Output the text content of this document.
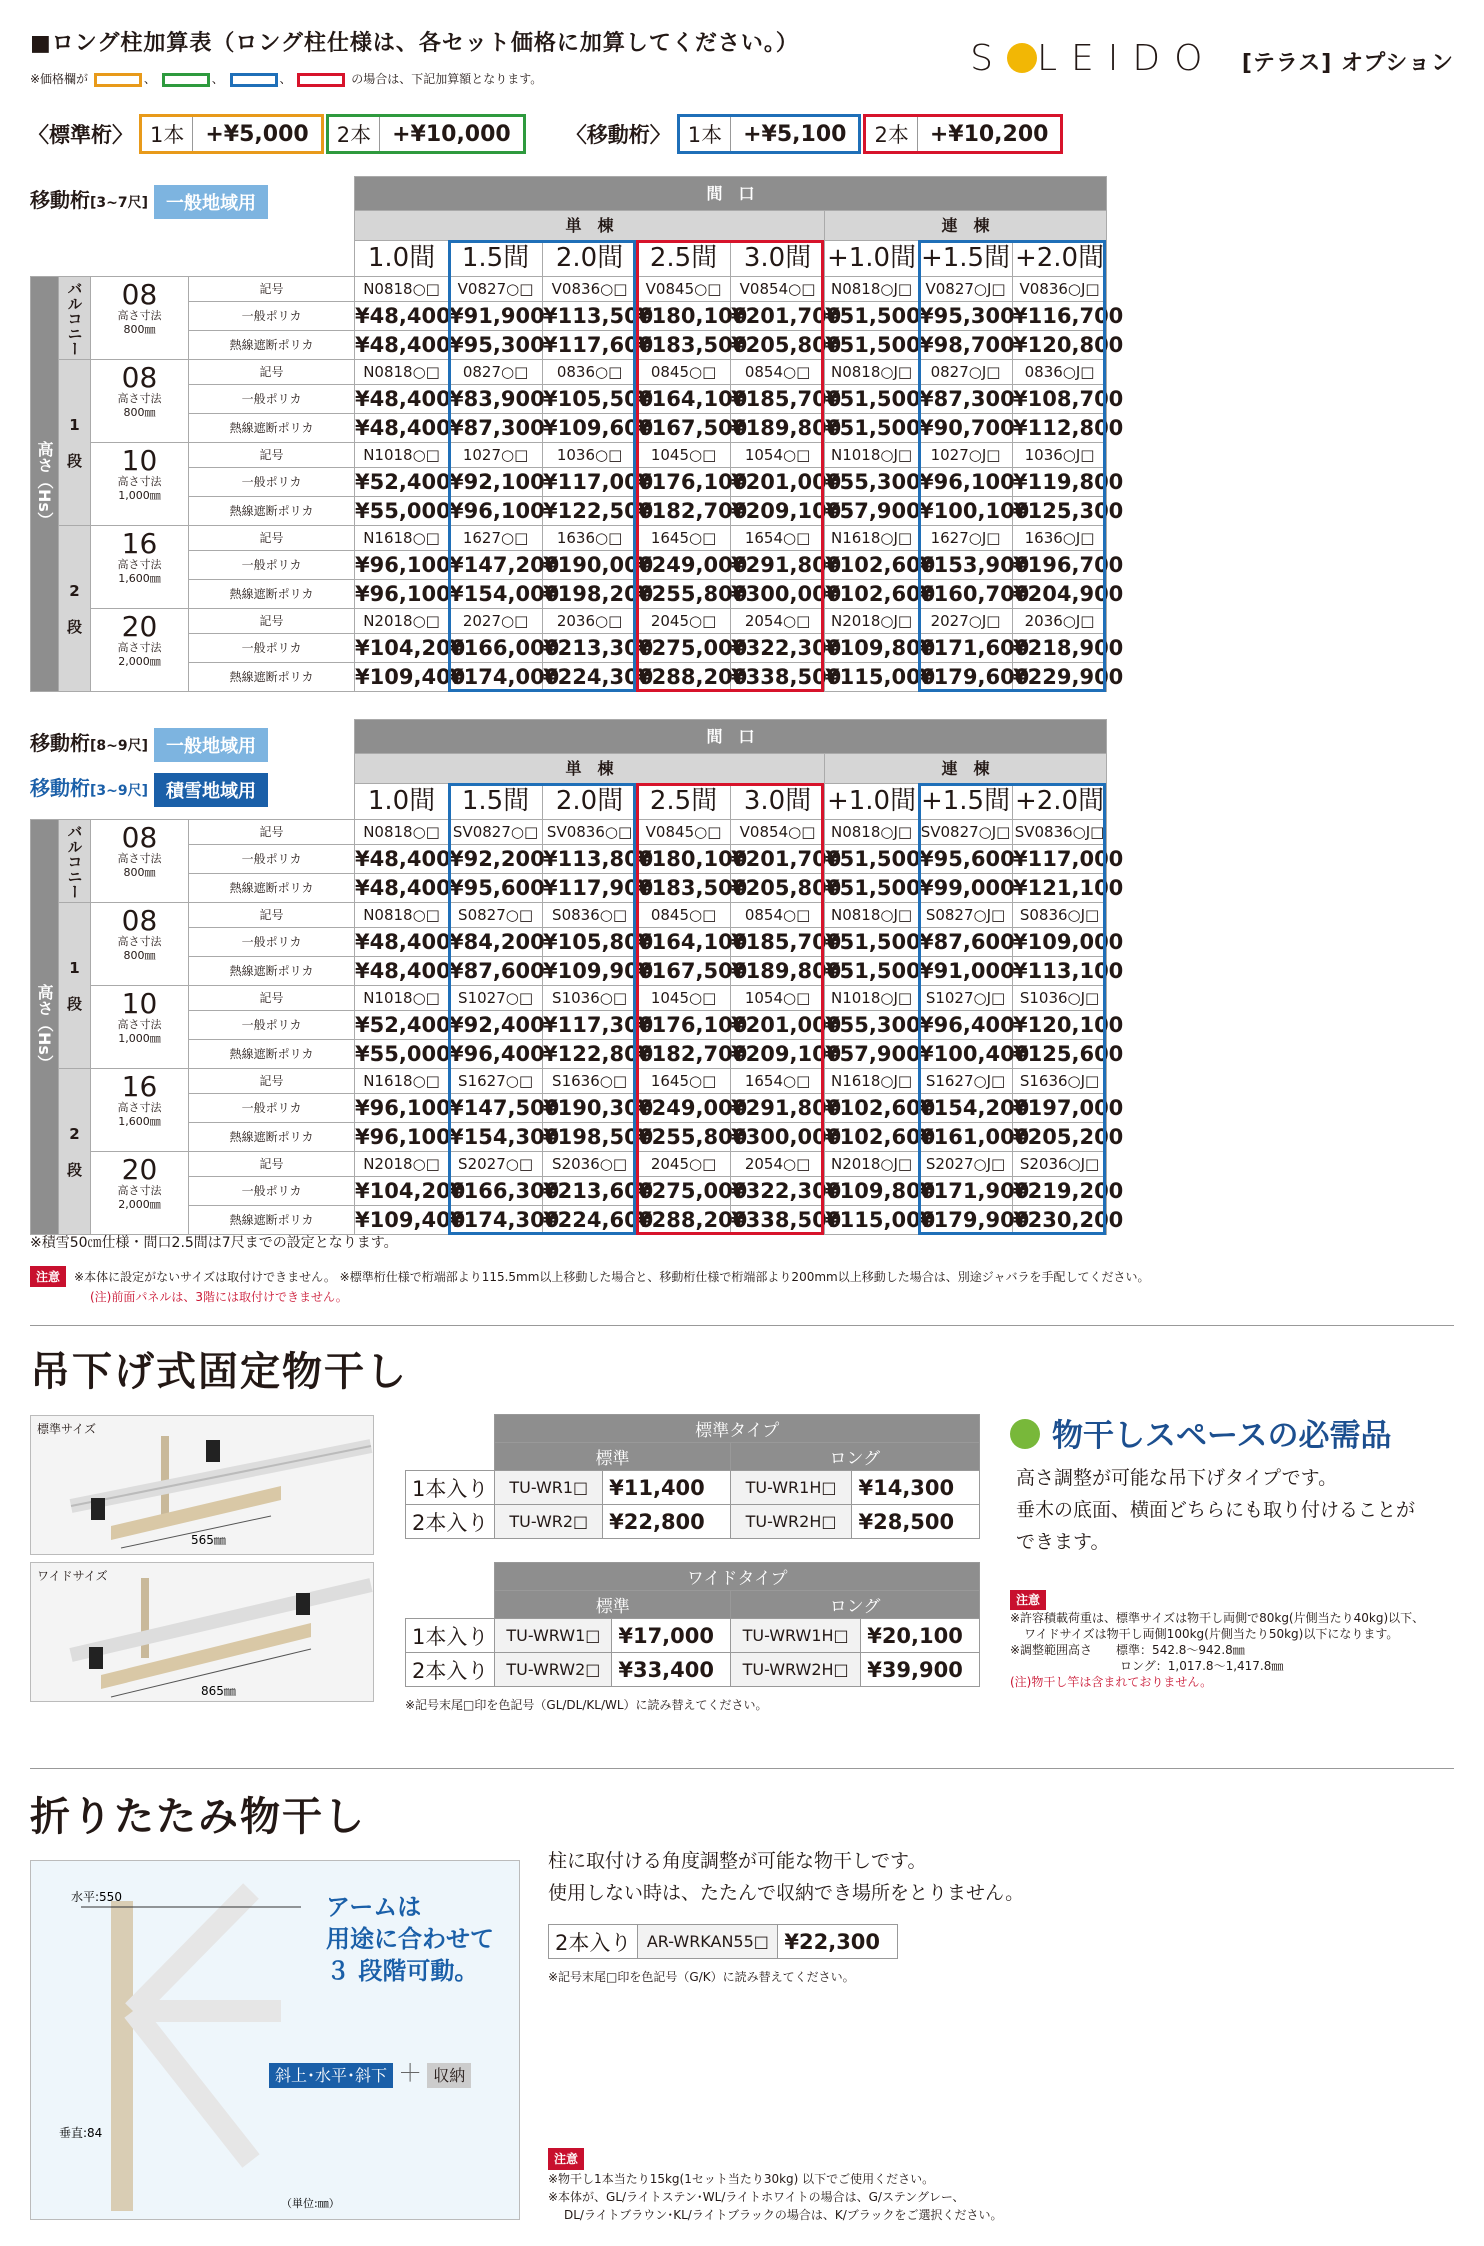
■ロング柱加算表（ロング柱仕様は、各セット価格に加算してください。）
※価格欄が	、	、	、	の場合は、下記加算額となります。	S LEIDO [テラス] オプション
〈標準桁〉 1本 +¥5,000	2本 +¥10,000	〈移動桁〉 1本 +¥5,100	2本 +¥10,200
移動桁[3~7尺] 一般地域用
				間　口							
				単　棟					連　棟		
				1.0間	1.5間	2.0間	2.5間	3.0間	+1.0間	+1.5間	+2.0間
高さ（Hs）	バルコニー	08
高さ寸法
800㎜	記号	N0818○□	V0827○□	V0836○□	V0845○□	V0854○□	N0818○J□	V0827○J□	V0836○J□
			一般ポリカ	¥48,400	¥91,900	¥113,500	¥180,100	¥201,700	¥51,500	¥95,300	¥116,700
			熱線遮断ポリカ	¥48,400	¥95,300	¥117,600	¥183,500	¥205,800	¥51,500	¥98,700	¥120,800
	1

段	08
高さ寸法
800㎜	記号	N0818○□	0827○□	0836○□	0845○□	0854○□	N0818○J□	0827○J□	0836○J□
			一般ポリカ	¥48,400	¥83,900	¥105,500	¥164,100	¥185,700	¥51,500	¥87,300	¥108,700
			熱線遮断ポリカ	¥48,400	¥87,300	¥109,600	¥167,500	¥189,800	¥51,500	¥90,700	¥112,800
		10
高さ寸法
1,000㎜	記号	N1018○□	1027○□	1036○□	1045○□	1054○□	N1018○J□	1027○J□	1036○J□
			一般ポリカ	¥52,400	¥92,100	¥117,000	¥176,100	¥201,000	¥55,300	¥96,100	¥119,800
			熱線遮断ポリカ	¥55,000	¥96,100	¥122,500	¥182,700	¥209,100	¥57,900	¥100,100	¥125,300
	2

段	16
高さ寸法
1,600㎜	記号	N1618○□	1627○□	1636○□	1645○□	1654○□	N1618○J□	1627○J□	1636○J□
			一般ポリカ	¥96,100	¥147,200	¥190,000	¥249,000	¥291,800	¥102,600	¥153,900	¥196,700
			熱線遮断ポリカ	¥96,100	¥154,000	¥198,200	¥255,800	¥300,000	¥102,600	¥160,700	¥204,900
		20
高さ寸法
2,000㎜	記号	N2018○□	2027○□	2036○□	2045○□	2054○□	N2018○J□	2027○J□	2036○J□
			一般ポリカ	¥104,200	¥166,000	¥213,300	¥275,000	¥322,300	¥109,800	¥171,600	¥218,900
			熱線遮断ポリカ	¥109,400	¥174,000	¥224,300	¥288,200	¥338,500	¥115,000	¥179,600	¥229,900
移動桁[8~9尺] 一般地域用
移動桁[3~9尺] 積雪地域用
				間　口							
				単　棟					連　棟		
				1.0間	1.5間	2.0間	2.5間	3.0間	+1.0間	+1.5間	+2.0間
高さ（Hs）	バルコニー	08
高さ寸法
800㎜	記号	N0818○□	SV0827○□	SV0836○□	V0845○□	V0854○□	N0818○J□	SV0827○J□	SV0836○J□
			一般ポリカ	¥48,400	¥92,200	¥113,800	¥180,100	¥201,700	¥51,500	¥95,600	¥117,000
			熱線遮断ポリカ	¥48,400	¥95,600	¥117,900	¥183,500	¥205,800	¥51,500	¥99,000	¥121,100
	1

段	08
高さ寸法
800㎜	記号	N0818○□	S0827○□	S0836○□	0845○□	0854○□	N0818○J□	S0827○J□	S0836○J□
			一般ポリカ	¥48,400	¥84,200	¥105,800	¥164,100	¥185,700	¥51,500	¥87,600	¥109,000
			熱線遮断ポリカ	¥48,400	¥87,600	¥109,900	¥167,500	¥189,800	¥51,500	¥91,000	¥113,100
		10
高さ寸法
1,000㎜	記号	N1018○□	S1027○□	S1036○□	1045○□	1054○□	N1018○J□	S1027○J□	S1036○J□
			一般ポリカ	¥52,400	¥92,400	¥117,300	¥176,100	¥201,000	¥55,300	¥96,400	¥120,100
			熱線遮断ポリカ	¥55,000	¥96,400	¥122,800	¥182,700	¥209,100	¥57,900	¥100,400	¥125,600
	2

段	16
高さ寸法
1,600㎜	記号	N1618○□	S1627○□	S1636○□	1645○□	1654○□	N1618○J□	S1627○J□	S1636○J□
			一般ポリカ	¥96,100	¥147,500	¥190,300	¥249,000	¥291,800	¥102,600	¥154,200	¥197,000
			熱線遮断ポリカ	¥96,100	¥154,300	¥198,500	¥255,800	¥300,000	¥102,600	¥161,000	¥205,200
		20
高さ寸法
2,000㎜	記号	N2018○□	S2027○□	S2036○□	2045○□	2054○□	N2018○J□	S2027○J□	S2036○J□
			一般ポリカ	¥104,200	¥166,300	¥213,600	¥275,000	¥322,300	¥109,800	¥171,900	¥219,200
			熱線遮断ポリカ	¥109,400	¥174,300	¥224,600	¥288,200	¥338,500	¥115,000	¥179,900	¥230,200
※積雪50㎝仕様・間口2.5間は7尺までの設定となります。
注意 ※本体に設定がないサイズは取付けできません。 ※標準桁仕様で桁端部より115.5mm以上移動した場合と、移動桁仕様で桁端部より200mm以上移動した場合は、別途ジャバラを手配してください。
(注)前面パネルは、3階には取付けできません。
吊下げ式固定物干し
標準サイズ
565㎜
ワイドサイズ
865㎜
	標準タイプ			
	標準		ロング	
1本入り	TU-WR1□	¥11,400	TU-WR1H□	¥14,300
2本入り	TU-WR2□	¥22,800	TU-WR2H□	¥28,500
	ワイドタイプ			
	標準		ロング	
1本入り	TU-WRW1□	¥17,000	TU-WRW1H□	¥20,100
2本入り	TU-WRW2□	¥33,400	TU-WRW2H□	¥39,900
※記号末尾□印を色記号（GL/DL/KL/WL）に読み替えてください。
物干しスペースの必需品
高さ調整が可能な吊下げタイプです。
垂木の底面、横面どちらにも取り付けることが
できます。
注意
※許容積載荷重は、標準サイズは物干し両側で80kg(片側当たり40kg)以下、
ワイドサイズは物干し両側100kg(片側当たり50kg)以下になります。
※調整範囲高さ　　標準：542.8～942.8㎜
ロング：1,017.8～1,417.8㎜
(注)物干し竿は含まれておりません。
折りたたみ物干し
水平:550
垂直:84
（単位:㎜）
アームは
用途に合わせて
３ 段階可動。
斜上･水平･斜下 ＋ 収納
柱に取付ける角度調整が可能な物干しです。
使用しない時は、たたんで収納でき場所をとりません。
2本入り	AR-WRKAN55□	¥22,300
※記号末尾□印を色記号（G/K）に読み替えてください。
注意
※物干し1本当たり15kg(1セット当たり30kg) 以下でご使用ください。
※本体が、GL/ライトステン･WL/ライトホワイトの場合は、G/ステングレー、
DL/ライトブラウン･KL/ライトブラックの場合は、K/ブラックをご選択ください。
